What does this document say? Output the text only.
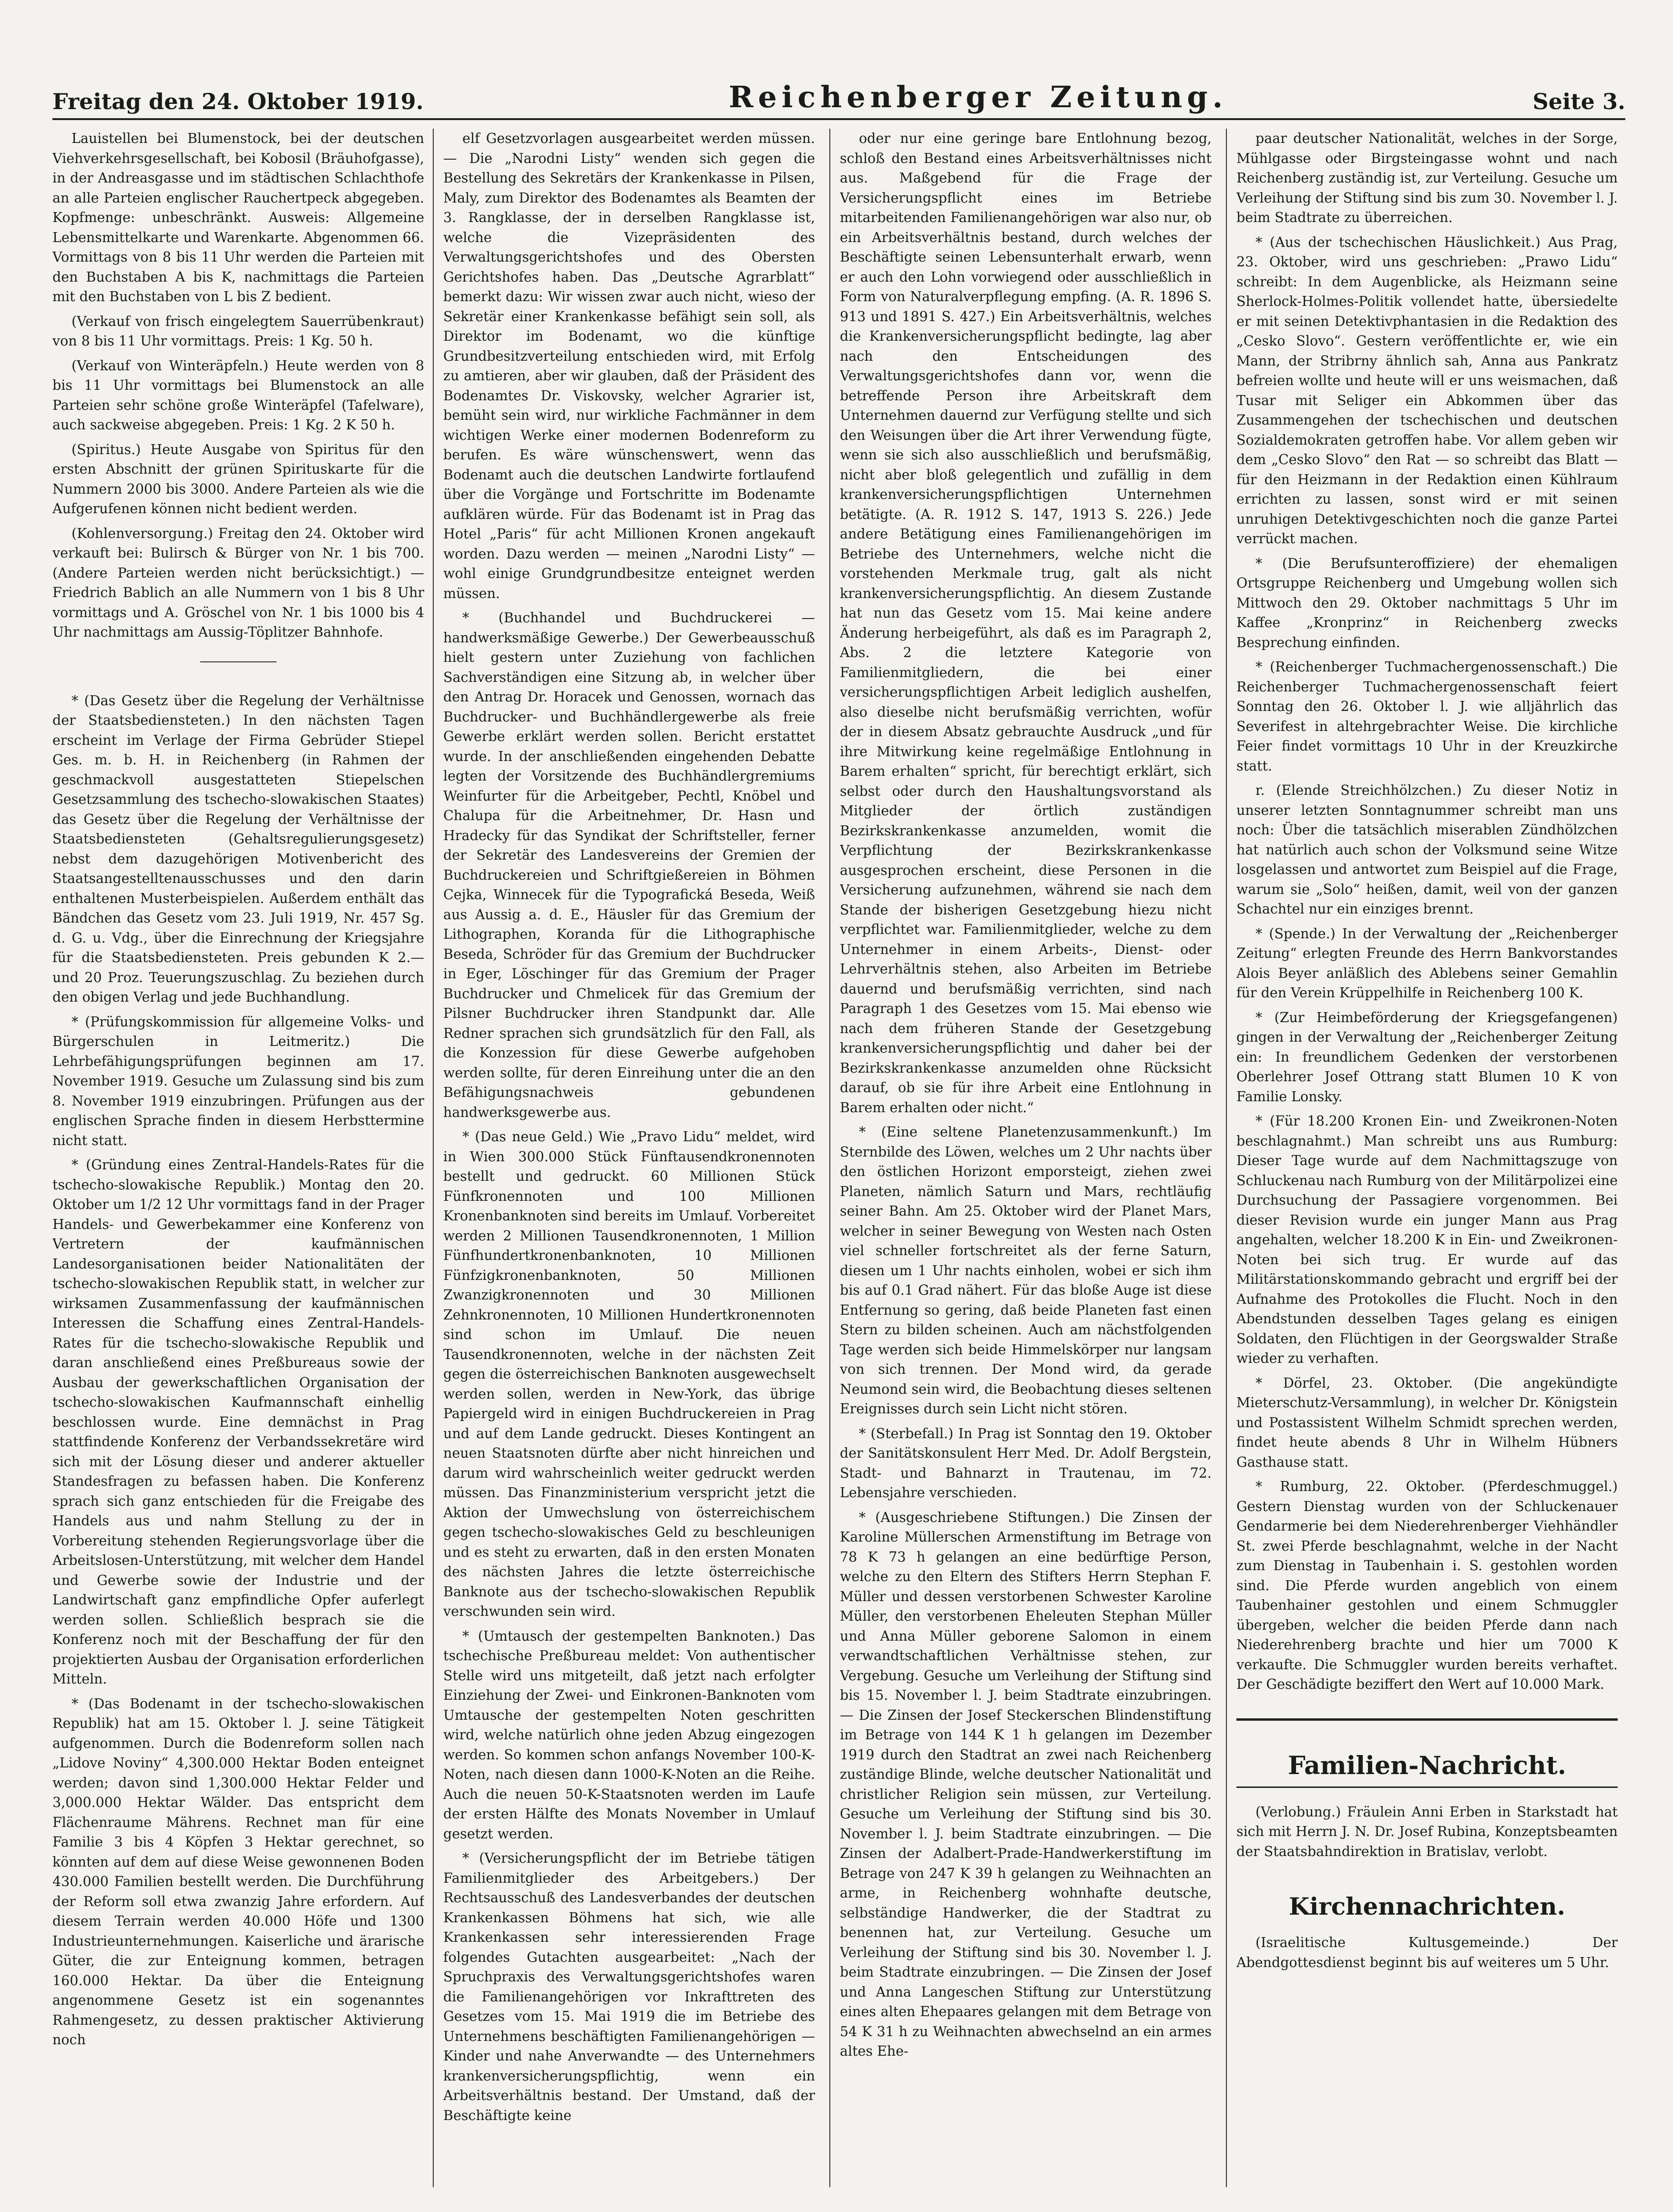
Freitag den 24. Oktober 1919.	Reichenberger Zeitung.	Seite 3.

Lauistellen bei Blumenstock, bei der deutschen Viehverkehrsgesellschaft, bei Kobosil (Bräuhofgasse), in der Andreasgasse und im städtischen Schlachthofe an alle Parteien englischer Rauchertpeck abgegeben. Kopfmenge: unbeschränkt. Ausweis: Allgemeine Lebensmittelkarte und Warenkarte. Abgenommen 66. Vormittags von 8 bis 11 Uhr werden die Parteien mit den Buchstaben A bis K, nachmittags die Parteien mit den Buchstaben von L bis Z bedient.

(Verkauf von frisch eingelegtem Sauerrübenkraut) von 8 bis 11 Uhr vormittags. Preis: 1 Kg. 50 h.

(Verkauf von Winteräpfeln.) Heute werden von 8 bis 11 Uhr vormittags bei Blumenstock an alle Parteien sehr schöne große Winteräpfel (Tafelware), auch sackweise abgegeben. Preis: 1 Kg. 2 K 50 h.

(Spiritus.) Heute Ausgabe von Spiritus für den ersten Abschnitt der grünen Spirituskarte für die Nummern 2000 bis 3000. Andere Parteien als wie die Aufgerufenen können nicht bedient werden.

(Kohlenversorgung.) Freitag den 24. Oktober wird verkauft bei: Bulirsch & Bürger von Nr. 1 bis 700. (Andere Parteien werden nicht berücksichtigt.) — Friedrich Bablich an alle Nummern von 1 bis 8 Uhr vormittags und A. Gröschel von Nr. 1 bis 1000 bis 4 Uhr nachmittags am Aussig-Töplitzer Bahnhofe.

* (Das Gesetz über die Regelung der Verhältnisse der Staatsbediensteten.) In den nächsten Tagen erscheint im Verlage der Firma Gebrüder Stiepel Ges. m. b. H. in Reichenberg (in Rahmen der geschmackvoll ausgestatteten Stiepelschen Gesetzsammlung des tschecho-slowakischen Staates) das Gesetz über die Regelung der Verhältnisse der Staatsbediensteten (Gehaltsregulierungsgesetz) nebst dem dazugehörigen Motivenbericht des Staatsangestelltenausschusses und den darin enthaltenen Musterbeispielen. Außerdem enthält das Bändchen das Gesetz vom 23. Juli 1919, Nr. 457 Sg. d. G. u. Vdg., über die Einrechnung der Kriegsjahre für die Staatsbediensteten. Preis gebunden K 2.— und 20 Proz. Teuerungszuschlag. Zu beziehen durch den obigen Verlag und jede Buchhandlung.

* (Prüfungskommission für allgemeine Volks- und Bürgerschulen in Leitmeritz.) Die Lehrbefähigungsprüfungen beginnen am 17. November 1919. Gesuche um Zulassung sind bis zum 8. November 1919 einzubringen. Prüfungen aus der englischen Sprache finden in diesem Herbsttermine nicht statt.

* (Gründung eines Zentral-Handels-Rates für die tschecho-slowakische Republik.) Montag den 20. Oktober um 1/2 12 Uhr vormittags fand in der Prager Handels- und Gewerbekammer eine Konferenz von Vertretern der kaufmännischen Landesorganisationen beider Nationalitäten der tschecho-slowakischen Republik statt, in welcher zur wirksamen Zusammenfassung der kaufmännischen Interessen die Schaffung eines Zentral-Handels-Rates für die tschecho-slowakische Republik und daran anschließend eines Preßbureaus sowie der Ausbau der gewerkschaftlichen Organisation der tschecho-slowakischen Kaufmannschaft einhellig beschlossen wurde. Eine demnächst in Prag stattfindende Konferenz der Verbandssekretäre wird sich mit der Lösung dieser und anderer aktueller Standesfragen zu befassen haben. Die Konferenz sprach sich ganz entschieden für die Freigabe des Handels aus und nahm Stellung zu der in Vorbereitung stehenden Regierungsvorlage über die Arbeitslosen-Unterstützung, mit welcher dem Handel und Gewerbe sowie der Industrie und der Landwirtschaft ganz empfindliche Opfer auferlegt werden sollen. Schließlich besprach sie die Konferenz noch mit der Beschaffung der für den projektierten Ausbau der Organisation erforderlichen Mitteln.

* (Das Bodenamt in der tschecho-slowakischen Republik) hat am 15. Oktober l. J. seine Tätigkeit aufgenommen. Durch die Bodenreform sollen nach „Lidove Noviny“ 4,300.000 Hektar Boden enteignet werden; davon sind 1,300.000 Hektar Felder und 3,000.000 Hektar Wälder. Das entspricht dem Flächenraume Mährens. Rechnet man für eine Familie 3 bis 4 Köpfen 3 Hektar gerechnet, so könnten auf dem auf diese Weise gewonnenen Boden 430.000 Familien bestellt werden. Die Durchführung der Reform soll etwa zwanzig Jahre erfordern. Auf diesem Terrain werden 40.000 Höfe und 1300 Industrieunternehmungen. Kaiserliche und ärarische Güter, die zur Enteignung kommen, betragen 160.000 Hektar. Da über die Enteignung angenommene Gesetz ist ein sogenanntes Rahmengesetz, zu dessen praktischer Aktivierung noch

elf Gesetzvorlagen ausgearbeitet werden müssen. — Die „Narodni Listy“ wenden sich gegen die Bestellung des Sekretärs der Krankenkasse in Pilsen, Maly, zum Direktor des Bodenamtes als Beamten der 3. Rangklasse, der in derselben Rangklasse ist, welche die Vizepräsidenten des Verwaltungsgerichtshofes und des Obersten Gerichtshofes haben. Das „Deutsche Agrarblatt“ bemerkt dazu: Wir wissen zwar auch nicht, wieso der Sekretär einer Krankenkasse befähigt sein soll, als Direktor im Bodenamt, wo die künftige Grundbesitzverteilung entschieden wird, mit Erfolg zu amtieren, aber wir glauben, daß der Präsident des Bodenamtes Dr. Viskovsky, welcher Agrarier ist, bemüht sein wird, nur wirkliche Fachmänner in dem wichtigen Werke einer modernen Bodenreform zu berufen. Es wäre wünschenswert, wenn das Bodenamt auch die deutschen Landwirte fortlaufend über die Vorgänge und Fortschritte im Bodenamte aufklären würde. Für das Bodenamt ist in Prag das Hotel „Paris“ für acht Millionen Kronen angekauft worden. Dazu werden — meinen „Narodni Listy“ — wohl einige Grundgrundbesitze enteignet werden müssen.

* (Buchhandel und Buchdruckerei — handwerksmäßige Gewerbe.) Der Gewerbeausschuß hielt gestern unter Zuziehung von fachlichen Sachverständigen eine Sitzung ab, in welcher über den Antrag Dr. Horacek und Genossen, wornach das Buchdrucker- und Buchhändlergewerbe als freie Gewerbe erklärt werden sollen. Bericht erstattet wurde. In der anschließenden eingehenden Debatte legten der Vorsitzende des Buchhändlergremiums Weinfurter für die Arbeitgeber, Pechtl, Knöbel und Chalupa für die Arbeitnehmer, Dr. Hasn und Hradecky für das Syndikat der Schriftsteller, ferner der Sekretär des Landesvereins der Gremien der Buchdruckereien und Schriftgießereien in Böhmen Cejka, Winnecek für die Typografická Beseda, Weiß aus Aussig a. d. E., Häusler für das Gremium der Lithographen, Koranda für die Lithographische Beseda, Schröder für das Gremium der Buchdrucker in Eger, Löschinger für das Gremium der Prager Buchdrucker und Chmelicek für das Gremium der Pilsner Buchdrucker ihren Standpunkt dar. Alle Redner sprachen sich grundsätzlich für den Fall, als die Konzession für diese Gewerbe aufgehoben werden sollte, für deren Einreihung unter die an den Befähigungsnachweis gebundenen handwerksgewerbe aus.

* (Das neue Geld.) Wie „Pravo Lidu“ meldet, wird in Wien 300.000 Stück Fünftausendkronennoten bestellt und gedruckt. 60 Millionen Stück Fünfkronennoten und 100 Millionen Kronenbanknoten sind bereits im Umlauf. Vorbereitet werden 2 Millionen Tausendkronennoten, 1 Million Fünfhundertkronenbanknoten, 10 Millionen Fünfzigkronenbanknoten, 50 Millionen Zwanzigkronennoten und 30 Millionen Zehnkronennoten, 10 Millionen Hundertkronennoten sind schon im Umlauf. Die neuen Tausendkronennoten, welche in der nächsten Zeit gegen die österreichischen Banknoten ausgewechselt werden sollen, werden in New-York, das übrige Papiergeld wird in einigen Buchdruckereien in Prag und auf dem Lande gedruckt. Dieses Kontingent an neuen Staatsnoten dürfte aber nicht hinreichen und darum wird wahrscheinlich weiter gedruckt werden müssen. Das Finanzministerium verspricht jetzt die Aktion der Umwechslung von österreichischem gegen tschecho-slowakisches Geld zu beschleunigen und es steht zu erwarten, daß in den ersten Monaten des nächsten Jahres die letzte österreichische Banknote aus der tschecho-slowakischen Republik verschwunden sein wird.

* (Umtausch der gestempelten Banknoten.) Das tschechische Preßbureau meldet: Von authentischer Stelle wird uns mitgeteilt, daß jetzt nach erfolgter Einziehung der Zwei- und Einkronen-Banknoten vom Umtausche der gestempelten Noten geschritten wird, welche natürlich ohne jeden Abzug eingezogen werden. So kommen schon anfangs November 100-K-Noten, nach diesen dann 1000-K-Noten an die Reihe. Auch die neuen 50-K-Staatsnoten werden im Laufe der ersten Hälfte des Monats November in Umlauf gesetzt werden.

* (Versicherungspflicht der im Betriebe tätigen Familienmitglieder des Arbeitgebers.) Der Rechtsausschuß des Landesverbandes der deutschen Krankenkassen Böhmens hat sich, wie alle Krankenkassen sehr interessierenden Frage folgendes Gutachten ausgearbeitet: „Nach der Spruchpraxis des Verwaltungsgerichtshofes waren die Familienangehörigen vor Inkrafttreten des Gesetzes vom 15. Mai 1919 die im Betriebe des Unternehmens beschäftigten Familienangehörigen — Kinder und nahe Anverwandte — des Unternehmers krankenversicherungspflichtig, wenn ein Arbeitsverhältnis bestand. Der Umstand, daß der Beschäftigte keine

oder nur eine geringe bare Entlohnung bezog, schloß den Bestand eines Arbeitsverhältnisses nicht aus. Maßgebend für die Frage der Versicherungspflicht eines im Betriebe mitarbeitenden Familienangehörigen war also nur, ob ein Arbeitsverhältnis bestand, durch welches der Beschäftigte seinen Lebensunterhalt erwarb, wenn er auch den Lohn vorwiegend oder ausschließlich in Form von Naturalverpflegung empfing. (A. R. 1896 S. 913 und 1891 S. 427.) Ein Arbeitsverhältnis, welches die Krankenversicherungspflicht bedingte, lag aber nach den Entscheidungen des Verwaltungsgerichtshofes dann vor, wenn die betreffende Person ihre Arbeitskraft dem Unternehmen dauernd zur Verfügung stellte und sich den Weisungen über die Art ihrer Verwendung fügte, wenn sie sich also ausschließlich und berufsmäßig, nicht aber bloß gelegentlich und zufällig in dem krankenversicherungspflichtigen Unternehmen betätigte. (A. R. 1912 S. 147, 1913 S. 226.) Jede andere Betätigung eines Familienangehörigen im Betriebe des Unternehmers, welche nicht die vorstehenden Merkmale trug, galt als nicht krankenversicherungspflichtig. An diesem Zustande hat nun das Gesetz vom 15. Mai keine andere Änderung herbeigeführt, als daß es im Paragraph 2, Abs. 2 die letztere Kategorie von Familienmitgliedern, die bei einer versicherungspflichtigen Arbeit lediglich aushelfen, also dieselbe nicht berufsmäßig verrichten, wofür der in diesem Absatz gebrauchte Ausdruck „und für ihre Mitwirkung keine regelmäßige Entlohnung in Barem erhalten“ spricht, für berechtigt erklärt, sich selbst oder durch den Haushaltungsvorstand als Mitglieder der örtlich zuständigen Bezirkskrankenkasse anzumelden, womit die Verpflichtung der Bezirkskrankenkasse ausgesprochen erscheint, diese Personen in die Versicherung aufzunehmen, während sie nach dem Stande der bisherigen Gesetzgebung hiezu nicht verpflichtet war. Familienmitglieder, welche zu dem Unternehmer in einem Arbeits-, Dienst- oder Lehrverhältnis stehen, also Arbeiten im Betriebe dauernd und berufsmäßig verrichten, sind nach Paragraph 1 des Gesetzes vom 15. Mai ebenso wie nach dem früheren Stande der Gesetzgebung krankenversicherungspflichtig und daher bei der Bezirkskrankenkasse anzumelden ohne Rücksicht darauf, ob sie für ihre Arbeit eine Entlohnung in Barem erhalten oder nicht.“

* (Eine seltene Planetenzusammenkunft.) Im Sternbilde des Löwen, welches um 2 Uhr nachts über den östlichen Horizont emporsteigt, ziehen zwei Planeten, nämlich Saturn und Mars, rechtläufig seiner Bahn. Am 25. Oktober wird der Planet Mars, welcher in seiner Bewegung von Westen nach Osten viel schneller fortschreitet als der ferne Saturn, diesen um 1 Uhr nachts einholen, wobei er sich ihm bis auf 0.1 Grad nähert. Für das bloße Auge ist diese Entfernung so gering, daß beide Planeten fast einen Stern zu bilden scheinen. Auch am nächstfolgenden Tage werden sich beide Himmelskörper nur langsam von sich trennen. Der Mond wird, da gerade Neumond sein wird, die Beobachtung dieses seltenen Ereignisses durch sein Licht nicht stören.

* (Sterbefall.) In Prag ist Sonntag den 19. Oktober der Sanitätskonsulent Herr Med. Dr. Adolf Bergstein, Stadt- und Bahnarzt in Trautenau, im 72. Lebensjahre verschieden.

* (Ausgeschriebene Stiftungen.) Die Zinsen der Karoline Müllerschen Armenstiftung im Betrage von 78 K 73 h gelangen an eine bedürftige Person, welche zu den Eltern des Stifters Herrn Stephan F. Müller und dessen verstorbenen Schwester Karoline Müller, den verstorbenen Eheleuten Stephan Müller und Anna Müller geborene Salomon in einem verwandtschaftlichen Verhältnisse stehen, zur Vergebung. Gesuche um Verleihung der Stiftung sind bis 15. November l. J. beim Stadtrate einzubringen. — Die Zinsen der Josef Steckerschen Blindenstiftung im Betrage von 144 K 1 h gelangen im Dezember 1919 durch den Stadtrat an zwei nach Reichenberg zuständige Blinde, welche deutscher Nationalität und christlicher Religion sein müssen, zur Verteilung. Gesuche um Verleihung der Stiftung sind bis 30. November l. J. beim Stadtrate einzubringen. — Die Zinsen der Adalbert-Prade-Handwerkerstiftung im Betrage von 247 K 39 h gelangen zu Weihnachten an arme, in Reichenberg wohnhafte deutsche, selbständige Handwerker, die der Stadtrat zu benennen hat, zur Verteilung. Gesuche um Verleihung der Stiftung sind bis 30. November l. J. beim Stadtrate einzubringen. — Die Zinsen der Josef und Anna Langeschen Stiftung zur Unterstützung eines alten Ehepaares gelangen mit dem Betrage von 54 K 31 h zu Weihnachten abwechselnd an ein armes altes Ehe-

paar deutscher Nationalität, welches in der Sorge, Mühlgasse oder Birgsteingasse wohnt und nach Reichenberg zuständig ist, zur Verteilung. Gesuche um Verleihung der Stiftung sind bis zum 30. November l. J. beim Stadtrate zu überreichen.

* (Aus der tschechischen Häuslichkeit.) Aus Prag, 23. Oktober, wird uns geschrieben: „Prawo Lidu“ schreibt: In dem Augenblicke, als Heizmann seine Sherlock-Holmes-Politik vollendet hatte, übersiedelte er mit seinen Detektivphantasien in die Redaktion des „Cesko Slovo“. Gestern veröffentlichte er, wie ein Mann, der Stribrny ähnlich sah, Anna aus Pankratz befreien wollte und heute will er uns weismachen, daß Tusar mit Seliger ein Abkommen über das Zusammengehen der tschechischen und deutschen Sozialdemokraten getroffen habe. Vor allem geben wir dem „Cesko Slovo“ den Rat — so schreibt das Blatt — für den Heizmann in der Redaktion einen Kühlraum errichten zu lassen, sonst wird er mit seinen unruhigen Detektivgeschichten noch die ganze Partei verrückt machen.

* (Die Berufsunteroffiziere) der ehemaligen Ortsgruppe Reichenberg und Umgebung wollen sich Mittwoch den 29. Oktober nachmittags 5 Uhr im Kaffee „Kronprinz“ in Reichenberg zwecks Besprechung einfinden.

* (Reichenberger Tuchmachergenossenschaft.) Die Reichenberger Tuchmachergenossenschaft feiert Sonntag den 26. Oktober l. J. wie alljährlich das Severifest in altehrgebrachter Weise. Die kirchliche Feier findet vormittags 10 Uhr in der Kreuzkirche statt.

r. (Elende Streichhölzchen.) Zu dieser Notiz in unserer letzten Sonntagnummer schreibt man uns noch: Über die tatsächlich miserablen Zündhölzchen hat natürlich auch schon der Volksmund seine Witze losgelassen und antwortet zum Beispiel auf die Frage, warum sie „Solo“ heißen, damit, weil von der ganzen Schachtel nur ein einziges brennt.

* (Spende.) In der Verwaltung der „Reichenberger Zeitung“ erlegten Freunde des Herrn Bankvorstandes Alois Beyer anläßlich des Ablebens seiner Gemahlin für den Verein Krüppelhilfe in Reichenberg 100 K.

* (Zur Heimbeförderung der Kriegsgefangenen) gingen in der Verwaltung der „Reichenberger Zeitung ein: In freundlichem Gedenken der verstorbenen Oberlehrer Josef Ottrang statt Blumen 10 K von Familie Lonsky.

* (Für 18.200 Kronen Ein- und Zweikronen-Noten beschlagnahmt.) Man schreibt uns aus Rumburg: Dieser Tage wurde auf dem Nachmittagszuge von Schluckenau nach Rumburg von der Militärpolizei eine Durchsuchung der Passagiere vorgenommen. Bei dieser Revision wurde ein junger Mann aus Prag angehalten, welcher 18.200 K in Ein- und Zweikronen-Noten bei sich trug. Er wurde auf das Militärstationskommando gebracht und ergriff bei der Aufnahme des Protokolles die Flucht. Noch in den Abendstunden desselben Tages gelang es einigen Soldaten, den Flüchtigen in der Georgswalder Straße wieder zu verhaften.

* Dörfel, 23. Oktober. (Die angekündigte Mieterschutz-Versammlung), in welcher Dr. Königstein und Postassistent Wilhelm Schmidt sprechen werden, findet heute abends 8 Uhr in Wilhelm Hübners Gasthause statt.

* Rumburg, 22. Oktober. (Pferdeschmuggel.) Gestern Dienstag wurden von der Schluckenauer Gendarmerie bei dem Niederehrenberger Viehhändler St. zwei Pferde beschlagnahmt, welche in der Nacht zum Dienstag in Taubenhain i. S. gestohlen worden sind. Die Pferde wurden angeblich von einem Taubenhainer gestohlen und einem Schmuggler übergeben, welcher die beiden Pferde dann nach Niederehrenberg brachte und hier um 7000 K verkaufte. Die Schmuggler wurden bereits verhaftet. Der Geschädigte beziffert den Wert auf 10.000 Mark.

Familien-Nachricht.

(Verlobung.) Fräulein Anni Erben in Starkstadt hat sich mit Herrn J. N. Dr. Josef Rubina, Konzeptsbeamten der Staatsbahndirektion in Bratislav, verlobt.

Kirchennachrichten.

(Israelitische Kultusgemeinde.) Der Abendgottesdienst beginnt bis auf weiteres um 5 Uhr.
